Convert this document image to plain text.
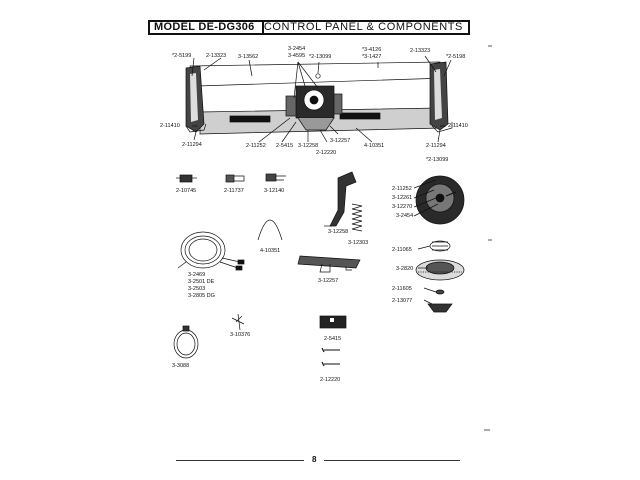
MODEL DE-DG306 CONTROL PANEL & COMPONENTS
*2-5199	2-13323 3-13562
3-2454
3-4595 *2-13099
*3-4126
*3-1427
2-13323
*2-5198
2-11410	2-11410
2-11294	2-11252 2-5415 3-12258
2-12220
3-12257
4-10351	2-11294
*2-13099
2-10745	2-11737	3-12140
3-12258
3-12303
4-10351
3-12257
3-2469
3-2501 DE
3-2503
3-2805 DG
2-11252
3-12261
3-12270
3-2454
2-11065
3-2820
2-11605
2-13077
3-10376
2-5415
3-3088
2-12220
8
